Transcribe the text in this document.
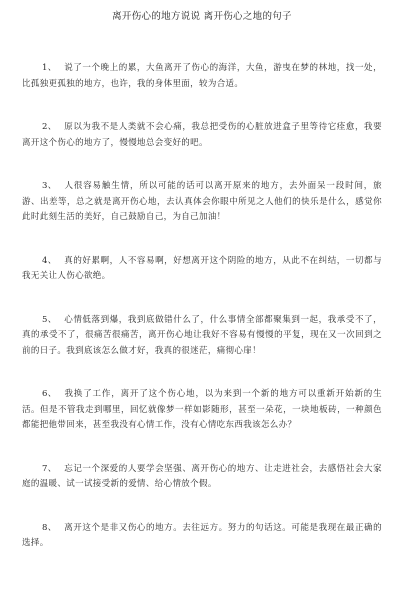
离开伤心的地方说说 离开伤心之地的句子

1、 说了一个晚上的累，大鱼离开了伤心的海洋，大鱼，游曳在梦的林地，找一处，比孤独更孤独的地方，也许，我的身体里面，较为合适。

2、 原以为我不是人类就不会心痛，我总把受伤的心脏放进盒子里等待它痊愈，我要离开这个伤心的地方了，慢慢地总会变好的吧。

3、 人很容易触生情，所以可能的话可以离开原来的地方，去外面呆一段时间，旅游、出差等，总之就是离开伤心地，去认真体会你眼中所见之人他们的快乐是什么，感觉你此时此刻生活的美好，自己鼓励自己，为自己加油！

4、 真的好累啊，人不容易啊，好想离开这个阴险的地方，从此不在纠结，一切都与我无关让人伤心欲绝。

5、 心情低落到爆，我到底做错什么了，什么事情全部都聚集到一起，我承受不了，真的承受不了，很痛苦很痛苦，离开伤心地让我好不容易有慢慢的平复，现在又一次回到之前的日子。我到底该怎么做才好，我真的很迷茫，痛彻心扉！

6、 我换了工作，离开了这个伤心地，以为来到一个新的地方可以重新开始新的生活。但是不管我走到哪里，回忆就像梦一样如影随形，甚至一朵花，一块地板砖，一种颜色都能把他带回来，甚至我没有心情工作，没有心情吃东西我该怎么办？

7、 忘记一个深爱的人要学会坚强、离开伤心的地方、让走进社会，去感悟社会大家庭的温暖、试一试接受新的爱情、给心情放个假。

8、 离开这个是非又伤心的地方。去往远方。努力的句话这。可能是我现在最正确的选择。
